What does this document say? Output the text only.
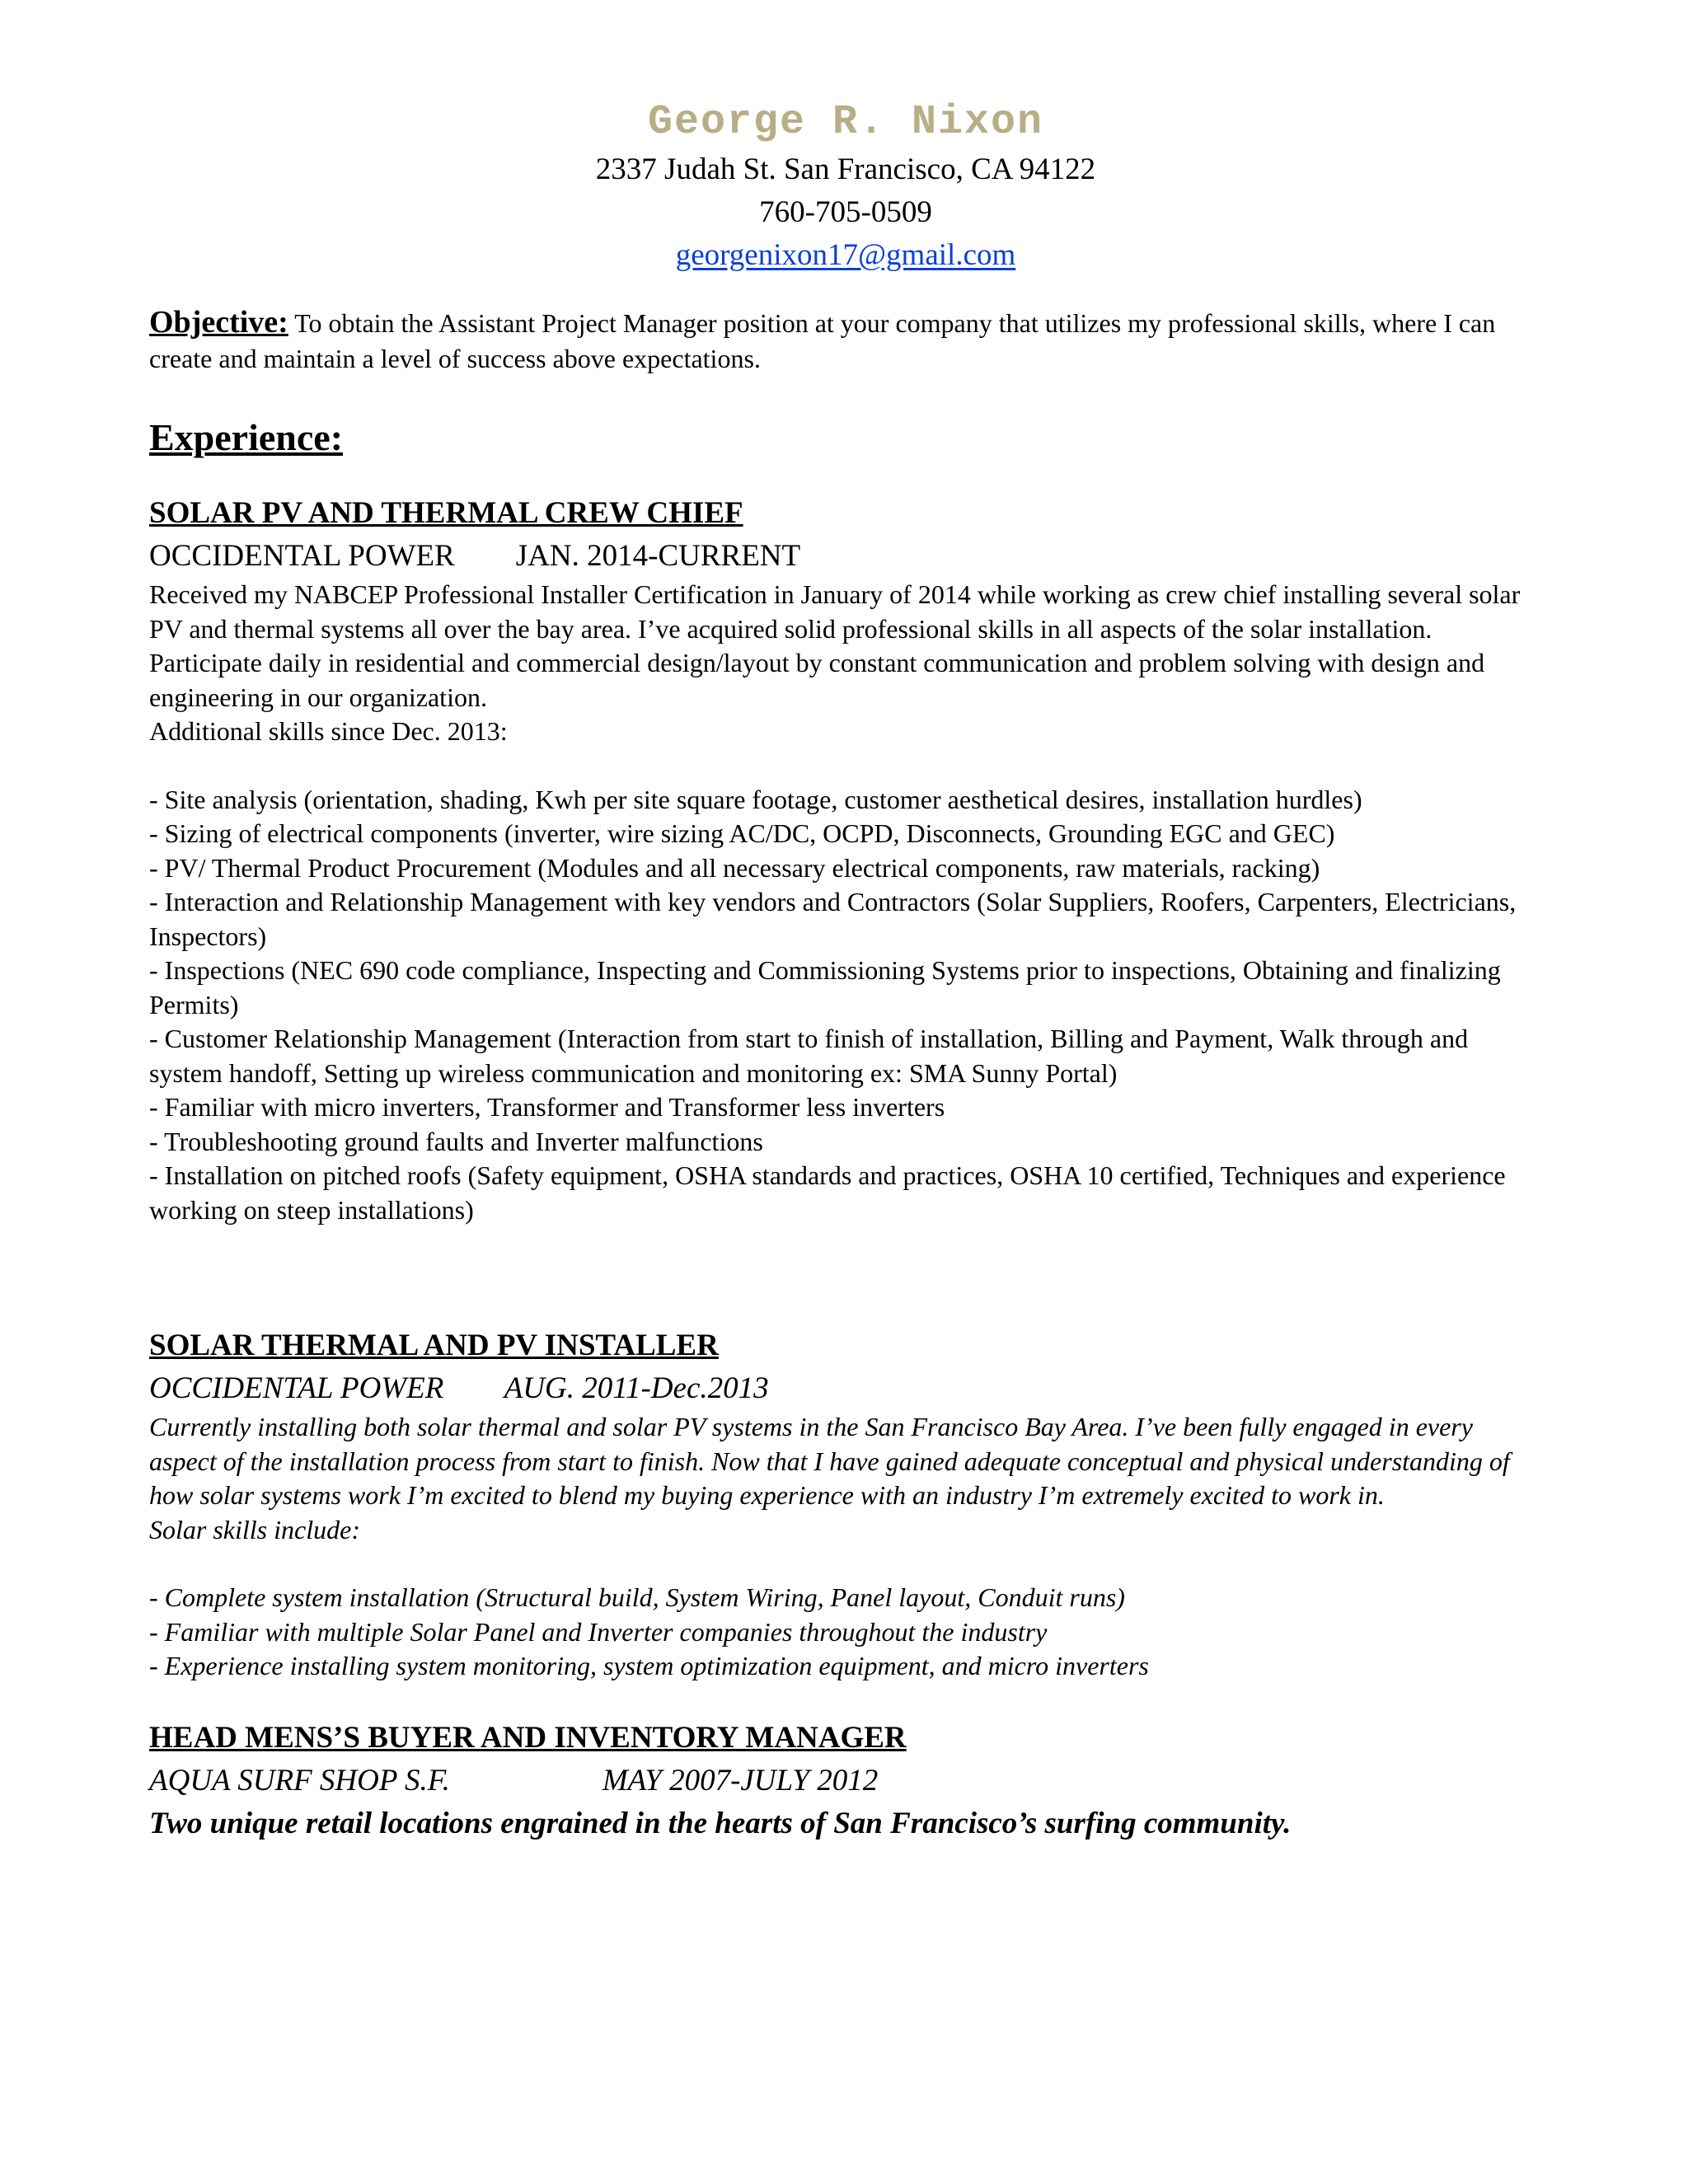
George R. Nixon
2337 Judah St. San Francisco, CA 94122
760-705-0509
georgenixon17@gmail.com
Objective: To obtain the Assistant Project Manager position at your company that utilizes my professional skills, where I can create and maintain a level of success above expectations.
Experience:
SOLAR PV AND THERMAL CREW CHIEF
OCCIDENTAL POWER JAN. 2014-CURRENT
Received my NABCEP Professional Installer Certification in January of 2014 while working as crew chief installing several solar PV and thermal systems all over the bay area. I’ve acquired solid professional skills in all aspects of the solar installation. Participate daily in residential and commercial design/layout by constant communication and problem solving with design and engineering in our organization.
Additional skills since Dec. 2013:
- Site analysis (orientation, shading, Kwh per site square footage, customer aesthetical desires, installation hurdles)
- Sizing of electrical components (inverter, wire sizing AC/DC, OCPD, Disconnects, Grounding EGC and GEC)
- PV/ Thermal Product Procurement (Modules and all necessary electrical components, raw materials, racking)
- Interaction and Relationship Management with key vendors and Contractors (Solar Suppliers, Roofers, Carpenters, Electricians, Inspectors)
- Inspections (NEC 690 code compliance, Inspecting and Commissioning Systems prior to inspections, Obtaining and finalizing Permits)
- Customer Relationship Management (Interaction from start to finish of installation, Billing and Payment, Walk through and system handoff, Setting up wireless communication and monitoring ex: SMA Sunny Portal)
- Familiar with micro inverters, Transformer and Transformer less inverters
- Troubleshooting ground faults and Inverter malfunctions
- Installation on pitched roofs (Safety equipment, OSHA standards and practices, OSHA 10 certified, Techniques and experience working on steep installations)
SOLAR THERMAL AND PV INSTALLER
OCCIDENTAL POWER AUG. 2011-Dec.2013
Currently installing both solar thermal and solar PV systems in the San Francisco Bay Area. I’ve been fully engaged in every aspect of the installation process from start to finish. Now that I have gained adequate conceptual and physical understanding of how solar systems work I’m excited to blend my buying experience with an industry I’m extremely excited to work in.
Solar skills include:
- Complete system installation (Structural build, System Wiring, Panel layout, Conduit runs)
- Familiar with multiple Solar Panel and Inverter companies throughout the industry
- Experience installing system monitoring, system optimization equipment, and micro inverters
HEAD MENS’S BUYER AND INVENTORY MANAGER
AQUA SURF SHOP S.F.	MAY 2007-JULY 2012
Two unique retail locations engrained in the hearts of San Francisco’s surfing community.
